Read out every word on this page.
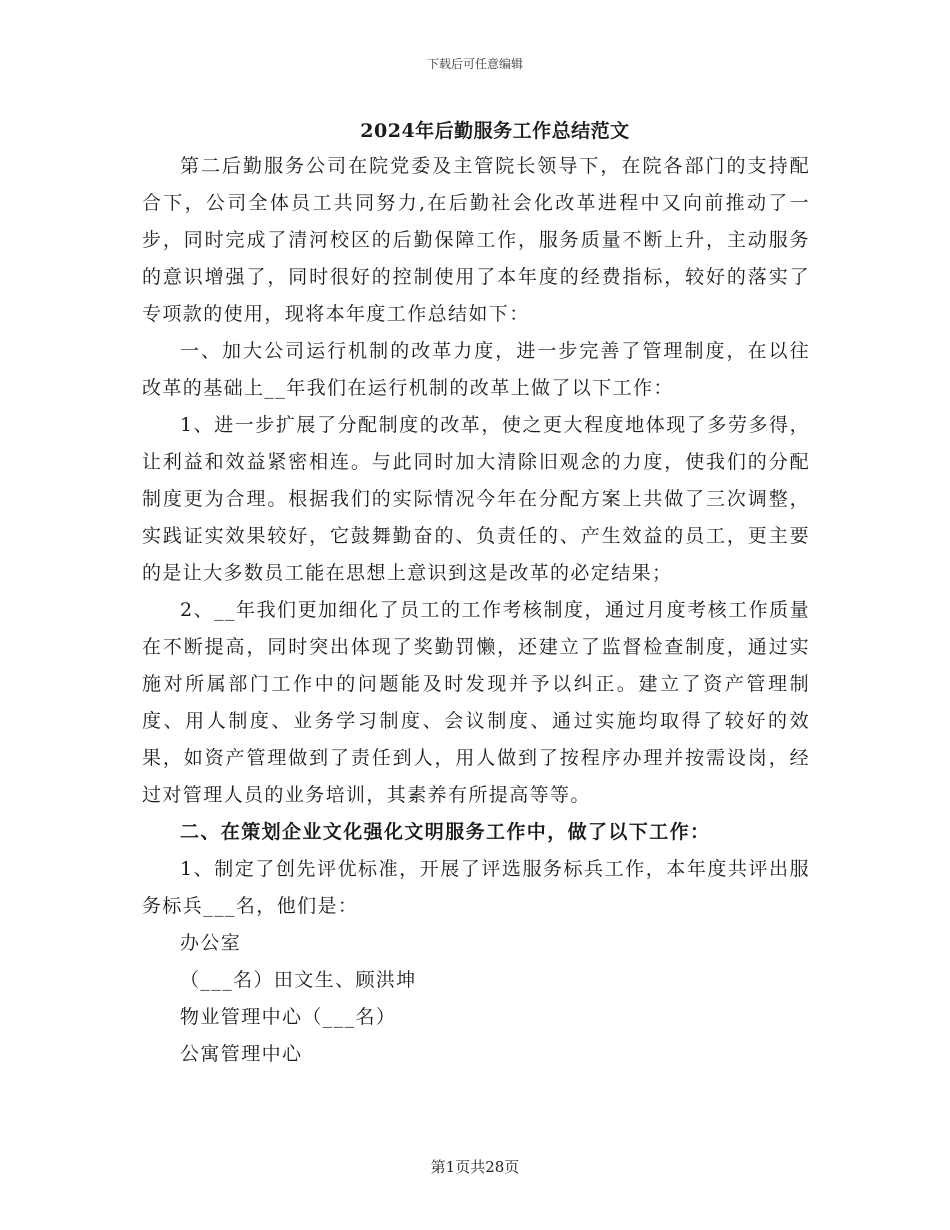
下载后可任意编辑
2024年后勤服务工作总结范文

第二后勤服务公司在院党委及主管院长领导下，在院各部门的支持配合下，公司全体员工共同努力,在后勤社会化改革进程中又向前推动了一步，同时完成了清河校区的后勤保障工作，服务质量不断上升，主动服务的意识增强了，同时很好的控制使用了本年度的经费指标，较好的落实了专项款的使用，现将本年度工作总结如下：

一、加大公司运行机制的改革力度，进一步完善了管理制度，在以往改革的基础上__年我们在运行机制的改革上做了以下工作：

1、进一步扩展了分配制度的改革，使之更大程度地体现了多劳多得，让利益和效益紧密相连。与此同时加大清除旧观念的力度，使我们的分配制度更为合理。根据我们的实际情况今年在分配方案上共做了三次调整，实践证实效果较好，它鼓舞勤奋的、负责任的、产生效益的员工，更主要的是让大多数员工能在思想上意识到这是改革的必定结果；

2、__年我们更加细化了员工的工作考核制度，通过月度考核工作质量在不断提高，同时突出体现了奖勤罚懒，还建立了监督检查制度，通过实施对所属部门工作中的问题能及时发现并予以纠正。建立了资产管理制度、用人制度、业务学习制度、会议制度、通过实施均取得了较好的效果，如资产管理做到了责任到人，用人做到了按程序办理并按需设岗，经过对管理人员的业务培训，其素养有所提高等等。

二、在策划企业文化强化文明服务工作中，做了以下工作：

1、制定了创先评优标准，开展了评选服务标兵工作，本年度共评出服务标兵___名，他们是：

办公室

（___名）田文生、顾洪坤

物业管理中心（___名）

公寓管理中心

第1页共28页
